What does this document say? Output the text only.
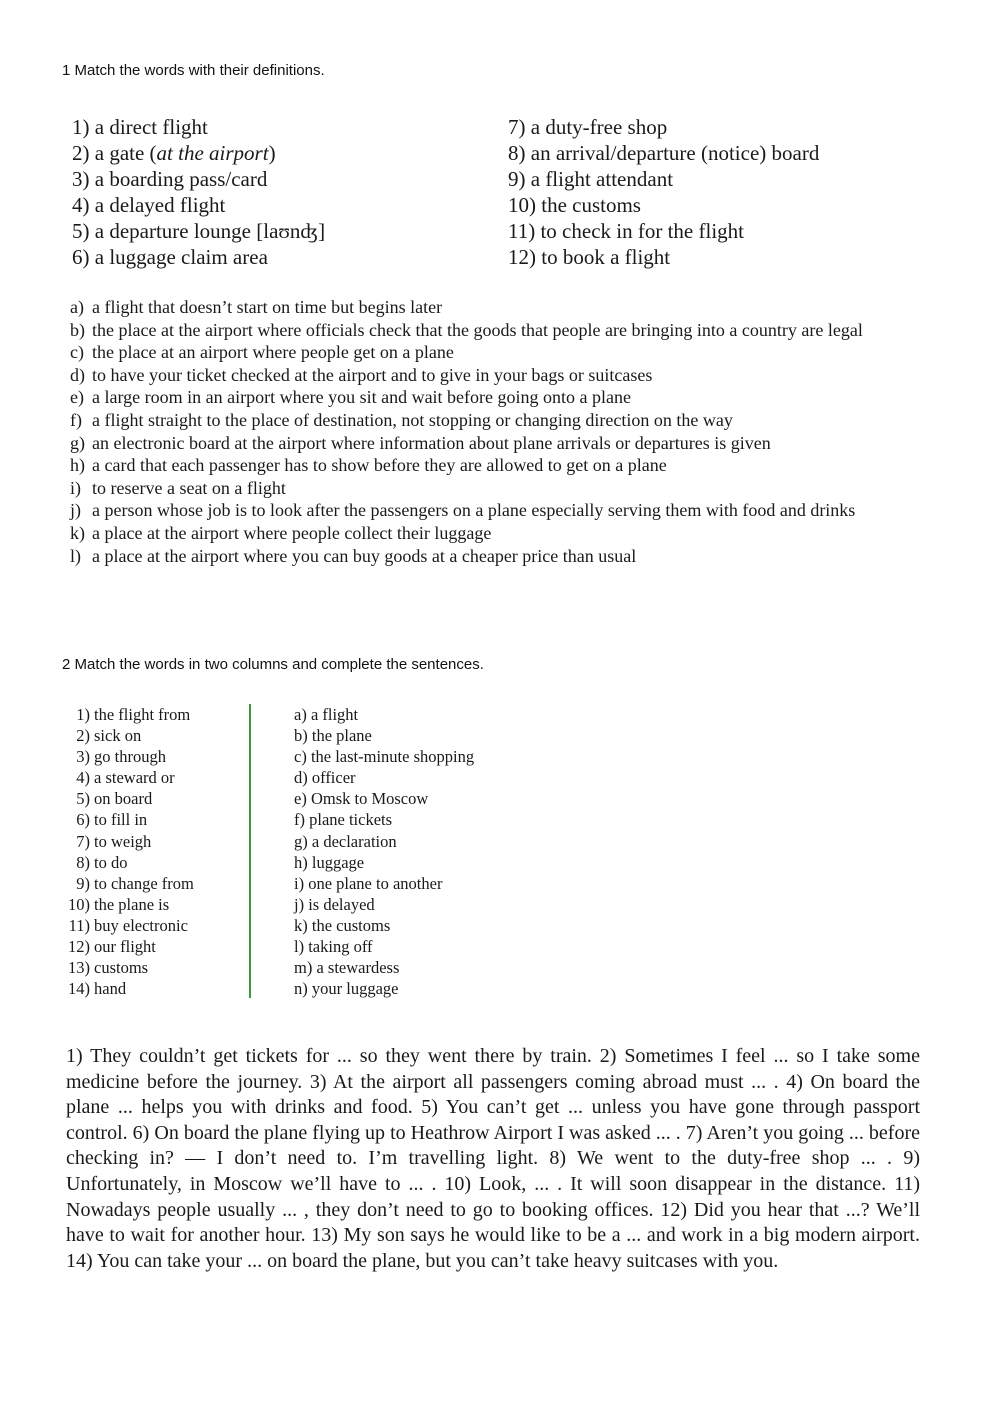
1 Match the words with their definitions.
1) a direct flight
2) a gate (at the airport)
3) a boarding pass/card
4) a delayed flight
5) a departure lounge [laʊnʤ]
6) a luggage claim area
7) a duty-free shop
8) an arrival/departure (notice) board
9) a flight attendant
10) the customs
11) to check in for the flight
12) to book a flight
a) a flight that doesn’t start on time but begins later
b) the place at the airport where officials check that the goods that people are bringing into a country are legal
c) the place at an airport where people get on a plane
d) to have your ticket checked at the airport and to give in your bags or suitcases
e) a large room in an airport where you sit and wait before going onto a plane
f) a flight straight to the place of destination, not stopping or changing direction on the way
g) an electronic board at the airport where information about plane arrivals or departures is given
h) a card that each passenger has to show before they are allowed to get on a plane
i) to reserve a seat on a flight
j) a person whose job is to look after the passengers on a plane especially serving them with food and drinks
k) a place at the airport where people collect their luggage
l) a place at the airport where you can buy goods at a cheaper price than usual
2 Match the words in two columns and complete the sentences.
1) the flight from
2) sick on
3) go through
4) a steward or
5) on board
6) to fill in
7) to weigh
8) to do
9) to change from
10) the plane is
11) buy electronic
12) our flight
13) customs
14) hand
a) a flight
b) the plane
c) the last-minute shopping
d) officer
e) Omsk to Moscow
f) plane tickets
g) a declaration
h) luggage
i) one plane to another
j) is delayed
k) the customs
l) taking off
m) a stewardess
n) your luggage
1) They couldn’t get tickets for ... so they went there by train. 2) Sometimes I feel ... so I take some medicine before the journey. 3) At the airport all passengers coming abroad must ... . 4) On board the plane ... helps you with drinks and food. 5) You can’t get ... unless you have gone through passport control. 6) On board the plane flying up to Heathrow Airport I was asked ... . 7) Aren’t you going ... before checking in? — I don’t need to. I’m travelling light. 8) We went to the duty-free shop ... . 9) Unfortunately, in Moscow we’ll have to ... . 10) Look, ... . It will soon disappear in the distance. 11) Nowadays people usually ... , they don’t need to go to booking offices. 12) Did you hear that ...? We’ll have to wait for another hour. 13) My son says he would like to be a ... and work in a big modern airport. 14) You can take your ... on board the plane, but you can’t take heavy suitcases with you.
